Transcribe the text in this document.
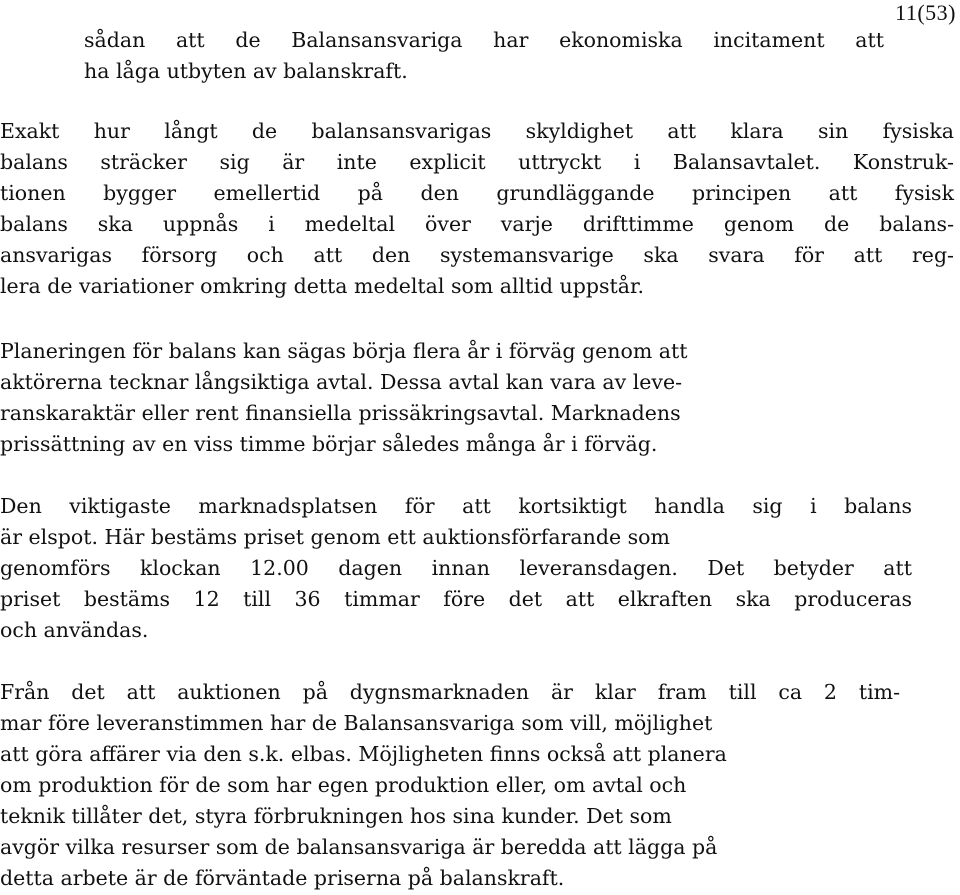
11(53)
sådan att de Balansansvariga har ekonomiska incitament att
ha låga utbyten av balanskraft.
Exakt hur långt de balansansvarigas skyldighet att klara sin fysiska
balans sträcker sig är inte explicit uttryckt i Balansavtalet. Konstruk-
tionen bygger emellertid på den grundläggande principen att fysisk
balans ska uppnås i medeltal över varje drifttimme genom de balans-
ansvarigas försorg och att den systemansvarige ska svara för att reg-
lera de variationer omkring detta medeltal som alltid uppstår.
Planeringen för balans kan sägas börja flera år i förväg genom att
aktörerna tecknar långsiktiga avtal. Dessa avtal kan vara av leve-
ranskaraktär eller rent finansiella prissäkringsavtal. Marknadens
prissättning av en viss timme börjar således många år i förväg.
Den viktigaste marknadsplatsen för att kortsiktigt handla sig i balans
är elspot. Här bestäms priset genom ett auktionsförfarande som
genomförs klockan 12.00 dagen innan leveransdagen. Det betyder att
priset bestäms 12 till 36 timmar före det att elkraften ska produceras
och användas.
Från det att auktionen på dygnsmarknaden är klar fram till ca 2 tim-
mar före leveranstimmen har de Balansansvariga som vill, möjlighet
att göra affärer via den s.k. elbas. Möjligheten finns också att planera
om produktion för de som har egen produktion eller, om avtal och
teknik tillåter det, styra förbrukningen hos sina kunder. Det som
avgör vilka resurser som de balansansvariga är beredda att lägga på
detta arbete är de förväntade priserna på balanskraft.
